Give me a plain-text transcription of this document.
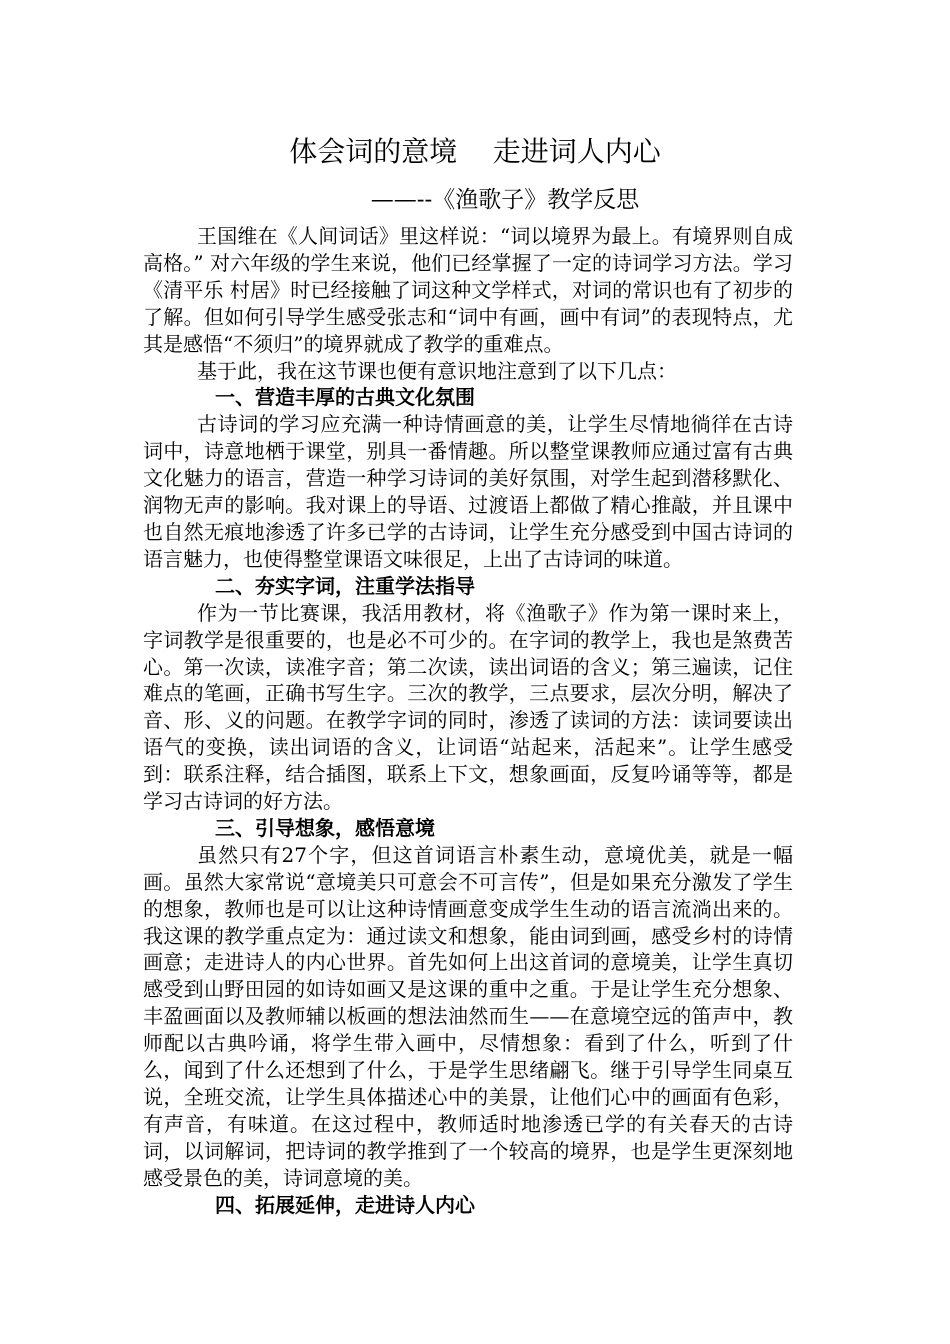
体会词的意境    走进词人内心
——--《渔歌子》教学反思

王国维在《人间词话》里这样说：“词以境界为最上。有境界则自成高格。” 对六年级的学生来说，他们已经掌握了一定的诗词学习方法。学习《清平乐 村居》时已经接触了词这种文学样式，对词的常识也有了初步的了解。但如何引导学生感受张志和“词中有画，画中有词”的表现特点，尤其是感悟“不须归”的境界就成了教学的重难点。

基于此，我在这节课也便有意识地注意到了以下几点：

一、营造丰厚的古典文化氛围

古诗词的学习应充满一种诗情画意的美，让学生尽情地徜徉在古诗词中，诗意地栖于课堂，别具一番情趣。所以整堂课教师应通过富有古典文化魅力的语言，营造一种学习诗词的美好氛围，对学生起到潜移默化、润物无声的影响。我对课上的导语、过渡语上都做了精心推敲，并且课中也自然无痕地渗透了许多已学的古诗词，让学生充分感受到中国古诗词的语言魅力，也使得整堂课语文味很足，上出了古诗词的味道。

二、夯实字词，注重学法指导

作为一节比赛课，我活用教材，将《渔歌子》作为第一课时来上，字词教学是很重要的，也是必不可少的。在字词的教学上，我也是煞费苦心。第一次读，读准字音；第二次读，读出词语的含义；第三遍读，记住难点的笔画，正确书写生字。三次的教学，三点要求，层次分明，解决了音、形、义的问题。在教学字词的同时，渗透了读词的方法：读词要读出语气的变换，读出词语的含义，让词语“站起来，活起来”。让学生感受到：联系注释，结合插图，联系上下文，想象画面，反复吟诵等等，都是学习古诗词的好方法。

三、引导想象，感悟意境

虽然只有27个字，但这首词语言朴素生动，意境优美，就是一幅画。虽然大家常说“意境美只可意会不可言传”，但是如果充分激发了学生的想象，教师也是可以让这种诗情画意变成学生生动的语言流淌出来的。我这课的教学重点定为：通过读文和想象，能由词到画，感受乡村的诗情画意；走进诗人的内心世界。首先如何上出这首词的意境美，让学生真切感受到山野田园的如诗如画又是这课的重中之重。于是让学生充分想象、丰盈画面以及教师辅以板画的想法油然而生——在意境空远的笛声中，教师配以古典吟诵，将学生带入画中，尽情想象：看到了什么，听到了什么，闻到了什么还想到了什么，于是学生思绪翩飞。继于引导学生同桌互说，全班交流，让学生具体描述心中的美景，让他们心中的画面有色彩，有声音，有味道。在这过程中，教师适时地渗透已学的有关春天的古诗词，以词解词，把诗词的教学推到了一个较高的境界，也是学生更深刻地感受景色的美，诗词意境的美。

四、拓展延伸，走进诗人内心
